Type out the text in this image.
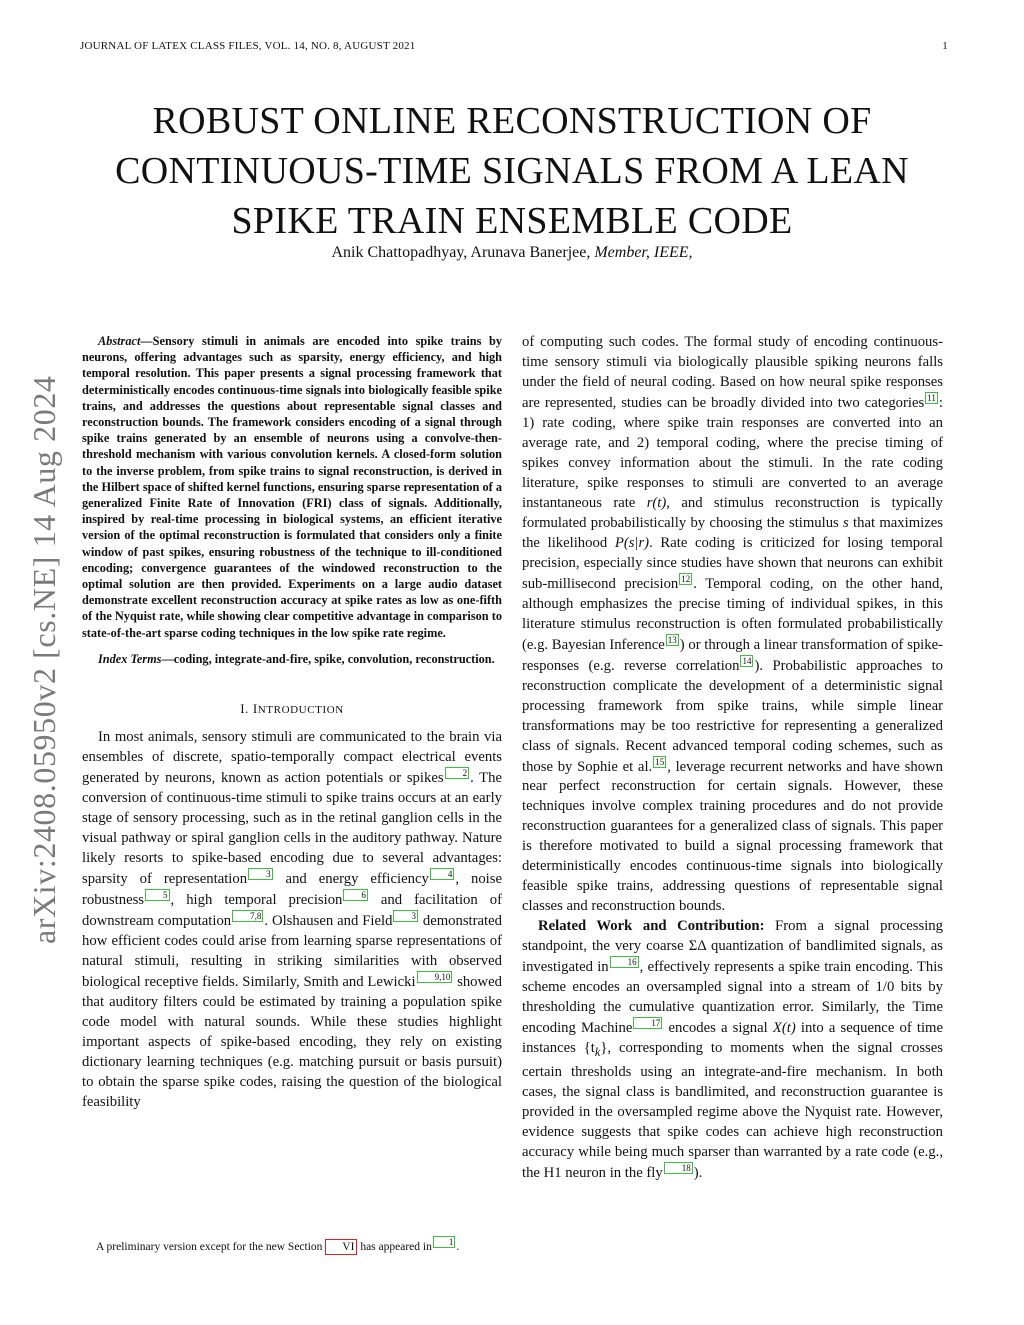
JOURNAL OF LATEX CLASS FILES, VOL. 14, NO. 8, AUGUST 2021	1
ROBUST ONLINE RECONSTRUCTION OF
CONTINUOUS-TIME SIGNALS FROM A LEAN
SPIKE TRAIN ENSEMBLE CODE
Anik Chattopadhyay, Arunava Banerjee, Member, IEEE,
arXiv:2408.05950v2 [cs.NE] 14 Aug 2024

Abstract—Sensory stimuli in animals are encoded into spike trains by neurons, offering advantages such as sparsity, energy efficiency, and high temporal resolution. This paper presents a signal processing framework that deterministically encodes continuous-time signals into biologically feasible spike trains, and addresses the questions about representable signal classes and reconstruction bounds. The framework considers encoding of a signal through spike trains generated by an ensemble of neurons using a convolve-then-threshold mechanism with various convolution kernels. A closed-form solution to the inverse problem, from spike trains to signal reconstruction, is derived in the Hilbert space of shifted kernel functions, ensuring sparse representation of a generalized Finite Rate of Innovation (FRI) class of signals. Additionally, inspired by real-time processing in biological systems, an efficient iterative version of the optimal reconstruction is formulated that considers only a finite window of past spikes, ensuring robustness of the technique to ill-conditioned encoding; convergence guarantees of the windowed reconstruction to the optimal solution are then provided. Experiments on a large audio dataset demonstrate excellent reconstruction accuracy at spike rates as low as one-fifth of the Nyquist rate, while showing clear competitive advantage in comparison to state-of-the-art sparse coding techniques in the low spike rate regime.

Index Terms—coding, integrate-and-fire, spike, convolution, reconstruction.

I. INTRODUCTION

In most animals, sensory stimuli are communicated to the brain via ensembles of discrete, spatio-temporally compact electrical events generated by neurons, known as action potentials or spikes 2 . The conversion of continuous-time stimuli to spike trains occurs at an early stage of sensory processing, such as in the retinal ganglion cells in the visual pathway or spiral ganglion cells in the auditory pathway. Nature likely resorts to spike-based encoding due to several advantages: sparsity of representation 3 and energy efficiency 4 , noise robustness 5 , high temporal precision 6 and facilitation of downstream computation 7,8 . Olshausen and Field 3 demonstrated how efficient codes could arise from learning sparse representations of natural stimuli, resulting in striking similarities with observed biological receptive fields. Similarly, Smith and Lewicki 9,10 showed that auditory filters could be estimated by training a population spike code model with natural sounds. While these studies highlight important aspects of spike-based encoding, they rely on existing dictionary learning techniques (e.g. matching pursuit or basis pursuit) to obtain the sparse spike codes, raising the question of the biological feasibility

A preliminary version except for the new Section VI has appeared in 1 .

of computing such codes. The formal study of encoding continuous-time sensory stimuli via biologically plausible spiking neurons falls under the field of neural coding. Based on how neural spike responses are represented, studies can be broadly divided into two categories 11 : 1) rate coding, where spike train responses are converted into an average rate, and 2) temporal coding, where the precise timing of spikes convey information about the stimuli. In the rate coding literature, spike responses to stimuli are converted to an average instantaneous rate r(t), and stimulus reconstruction is typically formulated probabilistically by choosing the stimulus s that maximizes the likelihood P(s|r). Rate coding is criticized for losing temporal precision, especially since studies have shown that neurons can exhibit sub-millisecond precision 12 . Temporal coding, on the other hand, although emphasizes the precise timing of individual spikes, in this literature stimulus reconstruction is often formulated probabilistically (e.g. Bayesian Inference 13 ) or through a linear transformation of spike-responses (e.g. reverse correlation 14 ). Probabilistic approaches to reconstruction complicate the development of a deterministic signal processing framework from spike trains, while simple linear transformations may be too restrictive for representing a generalized class of signals. Recent advanced temporal coding schemes, such as those by Sophie et al. 15 , leverage recurrent networks and have shown near perfect reconstruction for certain signals. However, these techniques involve complex training procedures and do not provide reconstruction guarantees for a generalized class of signals. This paper is therefore motivated to build a signal processing framework that deterministically encodes continuous-time signals into biologically feasible spike trains, addressing questions of representable signal classes and reconstruction bounds.

Related Work and Contribution: From a signal processing standpoint, the very coarse ΣΔ quantization of bandlimited signals, as investigated in 16 , effectively represents a spike train encoding. This scheme encodes an oversampled signal into a stream of 1/0 bits by thresholding the cumulative quantization error. Similarly, the Time encoding Machine 17 encodes a signal X(t) into a sequence of time instances $\{t_k\}$, corresponding to moments when the signal crosses certain thresholds using an integrate-and-fire mechanism. In both cases, the signal class is bandlimited, and reconstruction guarantee is provided in the oversampled regime above the Nyquist rate. However, evidence suggests that spike codes can achieve high reconstruction accuracy while being much sparser than warranted by a rate code (e.g., the H1 neuron in the fly 18 ).
